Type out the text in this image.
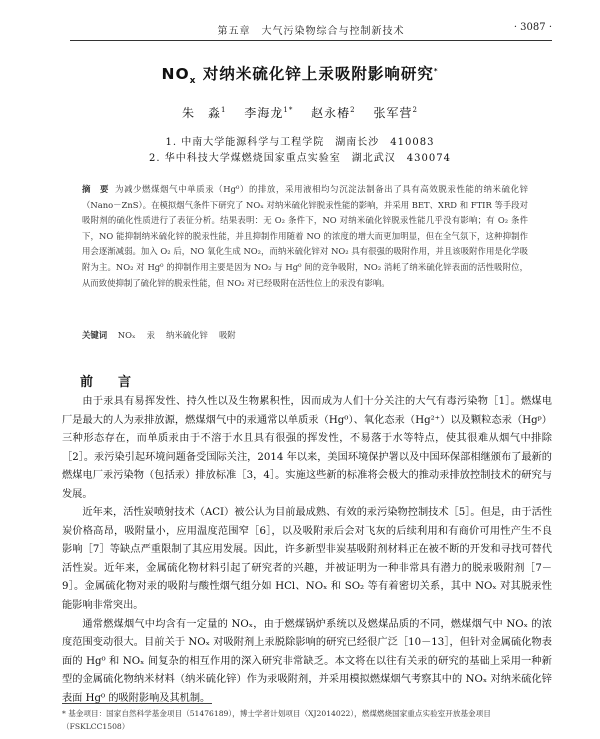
第五章　大气污染物综合与控制新技术	· 3087 ·
$NO_x$ 对纳米硫化锌上汞吸附影响研究*
朱　淼$^1$　 李海龙$^{1*}$　 赵永椿$^2$　 张军营$^2$
1. 中南大学能源科学与工程学院　湖南长沙　410083
2. 华中科技大学煤燃烧国家重点实验室　湖北武汉　430074
摘　要 为减少燃煤烟气中单质汞（Hg⁰）的排放，采用液相均匀沉淀法制备出了具有高效脱汞性能的纳米硫化锌（Nano－ZnS）。在模拟烟气条件下研究了 NOₓ 对纳米硫化锌脱汞性能的影响，并采用 BET、XRD 和 FTIR 等手段对吸附剂的硫化性质进行了表征分析。结果表明：无 O₂ 条件下，NO 对纳米硫化锌脱汞性能几乎没有影响；有 O₂ 条件下，NO 能抑制纳米硫化锌的脱汞性能，并且抑制作用随着 NO 的浓度的增大而更加明显，但在全气氛下，这种抑制作用会逐渐减弱。加入 O₂ 后，NO 氧化生成 NO₂，而纳米硫化锌对 NO₂ 具有很强的吸附作用，并且该吸附作用是化学吸附为主。NO₂ 对 Hg⁰ 的抑制作用主要是因为 NO₂ 与 Hg⁰ 间的竞争吸附，NO₂ 消耗了纳米硫化锌表面的活性吸附位，从而致使抑制了硫化锌的脱汞性能，但 NO₂ 对已经吸附在活性位上的汞没有影响。
关键词 NOₓ　 汞　 纳米硫化锌　 吸附
前　言

由于汞具有易挥发性、持久性以及生物累积性，因而成为人们十分关注的大气有毒污染物［1］。燃煤电厂是最大的人为汞排放源，燃煤烟气中的汞通常以单质汞（Hg⁰）、氧化态汞（Hg²⁺）以及颗粒态汞（Hgᵖ）三种形态存在，而单质汞由于不溶于水且具有很强的挥发性，不易落于水等特点，使其很难从烟气中排除［2］。汞污染引起环境问题备受国际关注，2014 年以来，美国环境保护署以及中国环保部相继颁布了最新的燃煤电厂汞污染物（包括汞）排放标准［3，4］。实施这些新的标准将会极大的推动汞排放控制技术的研究与发展。

近年来，活性炭喷射技术（ACI）被公认为目前最成熟、有效的汞污染物控制技术［5］。但是，由于活性炭价格高昂，吸附量小，应用温度范围窄［6］，以及吸附汞后会对飞灰的后续利用和有商价可用性产生不良影响［7］等缺点严重限制了其应用发展。因此，许多新型非炭基吸附剂材料正在被不断的开发和寻找可替代活性炭。近年来，金属硫化物材料引起了研究者的兴趣，并被证明为一种非常具有潜力的脱汞吸附剂［7－9］。金属硫化物对汞的吸附与酸性烟气组分如 HCl、NOₓ 和 SO₂ 等有着密切关系，其中 NOₓ 对其脱汞性能影响非常突出。

通常燃煤烟气中均含有一定量的 NOₓ，由于燃煤锅炉系统以及燃煤品质的不同，燃煤烟气中 NOₓ 的浓度范围变动很大。目前关于 NOₓ 对吸附剂上汞脱除影响的研究已经很广泛［10－13］，但针对金属硫化物表面的 Hg⁰ 和 NOₓ 间复杂的相互作用的深入研究非常缺乏。本文将在以往有关汞的研究的基础上采用一种新型的金属硫化物纳米材料（纳米硫化锌）作为汞吸附剂，并采用模拟燃煤烟气考察其中的 NOₓ 对纳米硫化锌表面 Hg⁰ 的吸附影响及其机制。

* 基金项目：国家自然科学基金项目（51476189），博士学者计划项目（XJ2014022），燃煤燃烧国家重点实验室开放基金项目（FSKLCC1508）
